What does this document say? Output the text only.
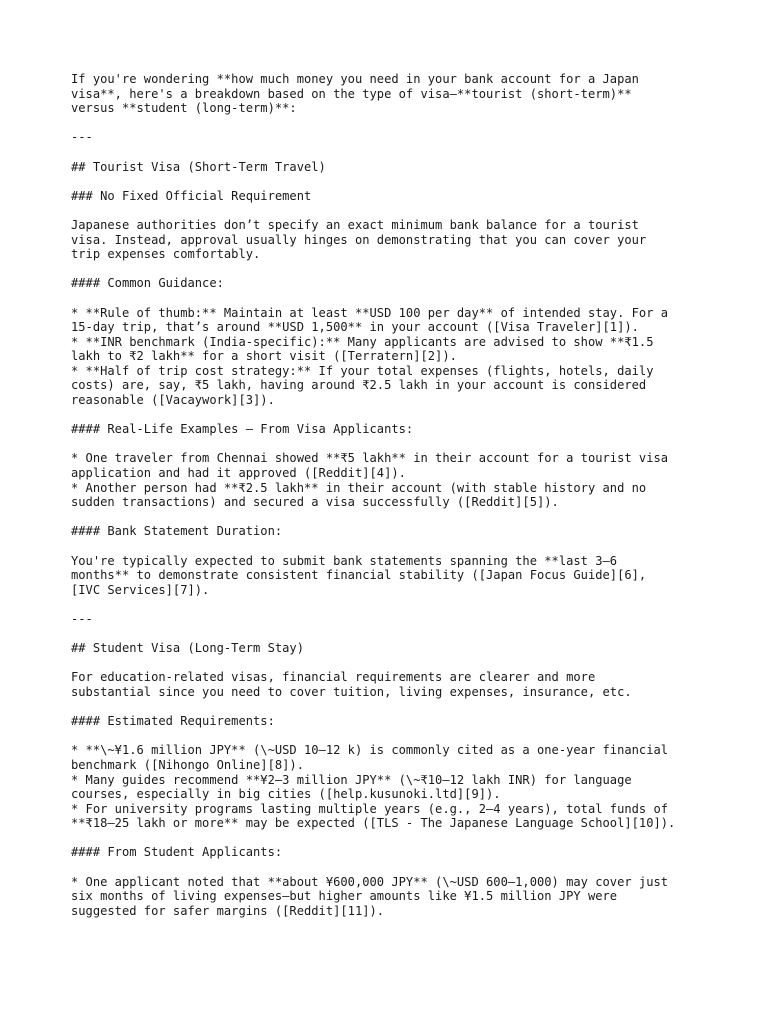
If you're wondering **how much money you need in your bank account for a Japan
visa**, here's a breakdown based on the type of visa—**tourist (short-term)**
versus **student (long-term)**:
---
## Tourist Visa (Short-Term Travel)
### No Fixed Official Requirement
Japanese authorities don’t specify an exact minimum bank balance for a tourist
visa. Instead, approval usually hinges on demonstrating that you can cover your
trip expenses comfortably.
#### Common Guidance:
* **Rule of thumb:** Maintain at least **USD 100 per day** of intended stay. For a
15-day trip, that’s around **USD 1,500** in your account ([Visa Traveler][1]).
* **INR benchmark (India-specific):** Many applicants are advised to show **₹1.5
lakh to ₹2 lakh** for a short visit ([Terratern][2]).
* **Half of trip cost strategy:** If your total expenses (flights, hotels, daily
costs) are, say, ₹5 lakh, having around ₹2.5 lakh in your account is considered
reasonable ([Vacaywork][3]).
#### Real-Life Examples — From Visa Applicants:
* One traveler from Chennai showed **₹5 lakh** in their account for a tourist visa
application and had it approved ([Reddit][4]).
* Another person had **₹2.5 lakh** in their account (with stable history and no
sudden transactions) and secured a visa successfully ([Reddit][5]).
#### Bank Statement Duration:
You're typically expected to submit bank statements spanning the **last 3–6
months** to demonstrate consistent financial stability ([Japan Focus Guide][6],
[IVC Services][7]).
---
## Student Visa (Long-Term Stay)
For education-related visas, financial requirements are clearer and more
substantial since you need to cover tuition, living expenses, insurance, etc.
#### Estimated Requirements:
* **\~¥1.6 million JPY** (\~USD 10–12 k) is commonly cited as a one-year financial
benchmark ([Nihongo Online][8]).
* Many guides recommend **¥2–3 million JPY** (\~₹10–12 lakh INR) for language
courses, especially in big cities ([help.kusunoki.ltd][9]).
* For university programs lasting multiple years (e.g., 2–4 years), total funds of
**₹18–25 lakh or more** may be expected ([TLS - The Japanese Language School][10]).
#### From Student Applicants:
* One applicant noted that **about ¥600,000 JPY** (\~USD 600–1,000) may cover just
six months of living expenses—but higher amounts like ¥1.5 million JPY were
suggested for safer margins ([Reddit][11]).
